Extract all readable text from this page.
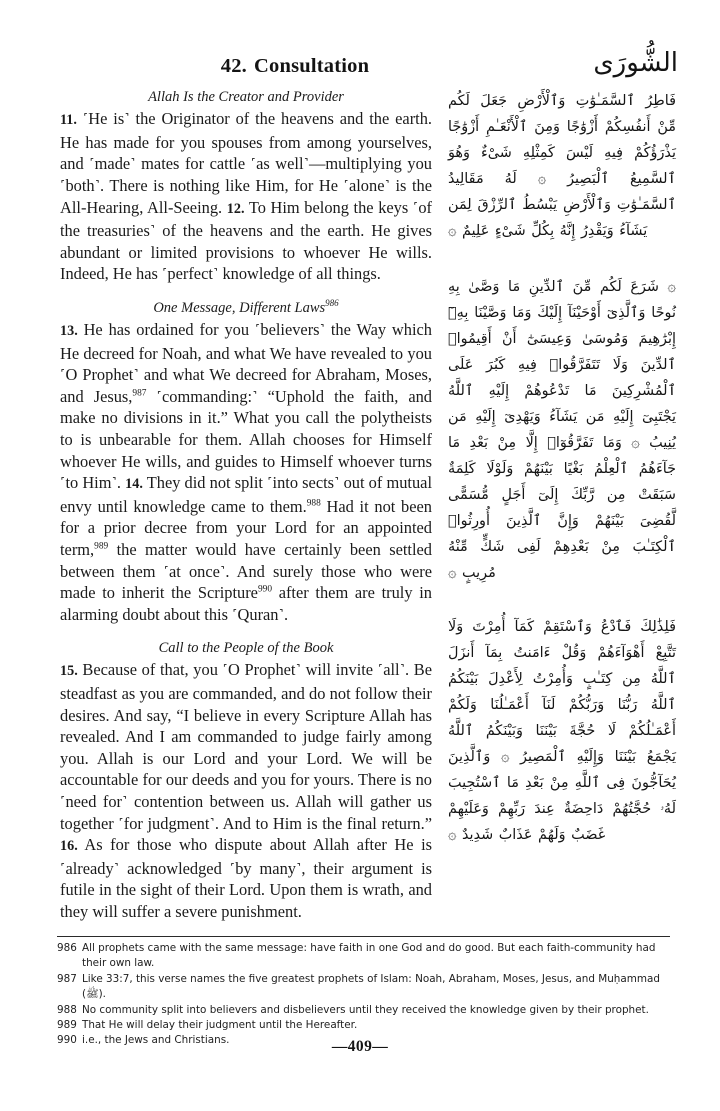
42. Consultation	الشُّورَى
Allah Is the Creator and Provider

11. ˹He is˺ the Originator of the heavens and the earth. He has made for you spouses from among yourselves, and ˹made˺ mates for cattle ˹as well˺—multiplying you ˹both˺. There is nothing like Him, for He ˹alone˺ is the All-Hearing, All-Seeing. 12. To Him belong the keys ˹of the treasuries˺ of the heavens and the earth. He gives abundant or limited provisions to whoever He wills. Indeed, He has ˹perfect˺ knowledge of all things.

One Message, Different Laws$^{986}$

13. He has ordained for you ˹believers˺ the Way which He decreed for Noah, and what We have revealed to you ˹O Prophet˺ and what We decreed for Abraham, Moses, and Jesus,$^{987}$ ˹commanding:˺ “Uphold the faith, and make no divisions in it.” What you call the polytheists to is unbearable for them. Allah chooses for Himself whoever He wills, and guides to Himself whoever turns ˹to Him˺. 14. They did not split ˹into sects˺ out of mutual envy until knowledge came to them.$^{988}$ Had it not been for a prior decree from your Lord for an appointed term,$^{989}$ the matter would have certainly been settled between them ˹at once˺. And surely those who were made to inherit the Scripture$^{990}$ after them are truly in alarming doubt about this ˹Quran˺.

Call to the People of the Book

15. Because of that, you ˹O Prophet˺ will invite ˹all˺. Be steadfast as you are commanded, and do not follow their desires. And say, “I believe in every Scripture Allah has revealed. And I am commanded to judge fairly among you. Allah is our Lord and your Lord. We will be accountable for our deeds and you for yours. There is no ˹need for˺ contention between us. Allah will gather us together ˹for judgment˺. And to Him is the final return.” 16. As for those who dispute about Allah after He is ˹already˺ acknowledged ˹by many˺, their argument is futile in the sight of their Lord. Upon them is wrath, and they will suffer a severe punishment.

فَاطِرُ ٱلسَّمَـٰوَٰتِ وَٱلْأَرْضِ جَعَلَ لَكُم مِّنْ أَنفُسِكُمْ أَزْوَٰجًا وَمِنَ ٱلْأَنْعَـٰمِ أَزْوَٰجًا يَذْرَؤُكُمْ فِيهِ لَيْسَ كَمِثْلِهِ شَىْءٌ وَهُوَ ٱلسَّمِيعُ ٱلْبَصِيرُ ۞ لَهُ مَقَالِيدُ ٱلسَّمَـٰوَٰتِ وَٱلْأَرْضِ يَبْسُطُ ٱلرِّزْقَ لِمَن يَشَآءُ وَيَقْدِرُ إِنَّهُ بِكُلِّ شَىْءٍ عَلِيمٌ ۞

۞ شَرَعَ لَكُم مِّنَ ٱلدِّينِ مَا وَصَّىٰ بِهِ نُوحًا وَٱلَّذِىٓ أَوْحَيْنَآ إِلَيْكَ وَمَا وَصَّيْنَا بِهِۦٓ إِبْرَٰهِيمَ وَمُوسَىٰ وَعِيسَىٰٓ أَنْ أَقِيمُوا۟ ٱلدِّينَ وَلَا تَتَفَرَّقُوا۟ فِيهِ كَبُرَ عَلَى ٱلْمُشْرِكِينَ مَا تَدْعُوهُمْ إِلَيْهِ ٱللَّهُ يَجْتَبِىٓ إِلَيْهِ مَن يَشَآءُ وَيَهْدِىٓ إِلَيْهِ مَن يُنِيبُ ۞ وَمَا تَفَرَّقُوٓا۟ إِلَّا مِنْ بَعْدِ مَا جَآءَهُمُ ٱلْعِلْمُ بَغْيًا بَيْنَهُمْ وَلَوْلَا كَلِمَةٌ سَبَقَتْ مِن رَّبِّكَ إِلَىٓ أَجَلٍ مُّسَمًّى لَّقُضِىَ بَيْنَهُمْ وَإِنَّ ٱلَّذِينَ أُورِثُوا۟ ٱلْكِتَـٰبَ مِنْ بَعْدِهِمْ لَفِى شَكٍّ مِّنْهُ مُرِيبٍ ۞

فَلِذَٰلِكَ فَٱدْعُ وَٱسْتَقِمْ كَمَآ أُمِرْتَ وَلَا تَتَّبِعْ أَهْوَآءَهُمْ وَقُلْ ءَامَنتُ بِمَآ أَنزَلَ ٱللَّهُ مِن كِتَـٰبٍ وَأُمِرْتُ لِأَعْدِلَ بَيْنَكُمُ ٱللَّهُ رَبُّنَا وَرَبُّكُمْ لَنَآ أَعْمَـٰلُنَا وَلَكُمْ أَعْمَـٰلُكُمْ لَا حُجَّةَ بَيْنَنَا وَبَيْنَكُمُ ٱللَّهُ يَجْمَعُ بَيْنَنَا وَإِلَيْهِ ٱلْمَصِيرُ ۞ وَٱلَّذِينَ يُحَآجُّونَ فِى ٱللَّهِ مِنْ بَعْدِ مَا ٱسْتُجِيبَ لَهُۥ حُجَّتُهُمْ دَاحِضَةٌ عِندَ رَبِّهِمْ وَعَلَيْهِمْ غَضَبٌ وَلَهُمْ عَذَابٌ شَدِيدٌ ۞

986 All prophets came with the same message: have faith in one God and do good. But each faith-community had their own law.
987 Like 33:7, this verse names the five greatest prophets of Islam: Noah, Abraham, Moses, Jesus, and Muḥammad (ﷺ).
988 No community split into believers and disbelievers until they received the knowledge given by their prophet.
989 That He will delay their judgment until the Hereafter.
990 i.e., the Jews and Christians.	—409—
